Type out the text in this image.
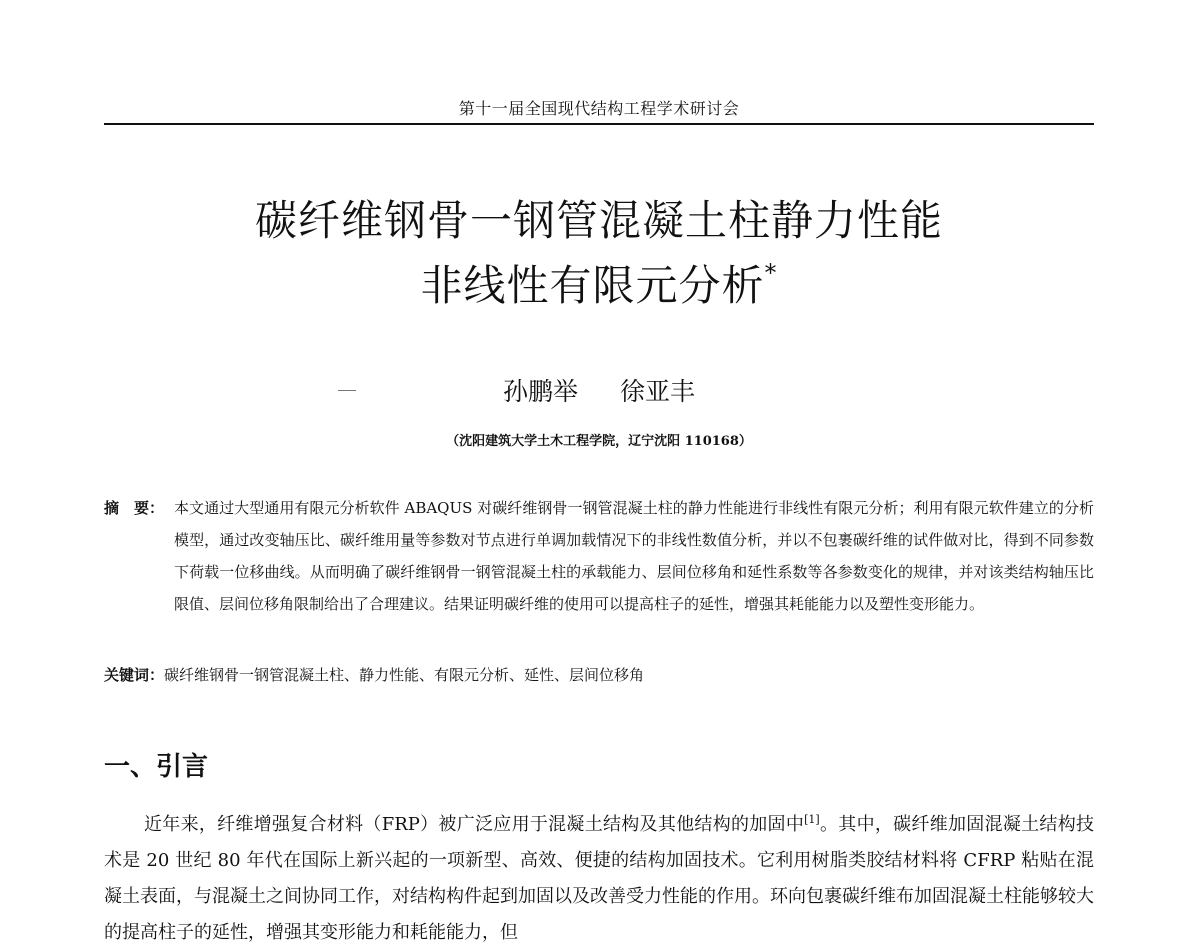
第十一届全国现代结构工程学术研讨会
碳纤维钢骨一钢管混凝土柱静力性能
非线性有限元分析*
孙鹏举 徐亚丰
（沈阳建筑大学土木工程学院，辽宁沈阳 110168）
摘　要： 本文通过大型通用有限元分析软件 ABAQUS 对碳纤维钢骨一钢管混凝土柱的静力性能进行非线性有限元分析；利用有限元软件建立的分析模型，通过改变轴压比、碳纤维用量等参数对节点进行单调加载情况下的非线性数值分析，并以不包裹碳纤维的试件做对比，得到不同参数下荷载一位移曲线。从而明确了碳纤维钢骨一钢管混凝土柱的承载能力、层间位移角和延性系数等各参数变化的规律，并对该类结构轴压比限值、层间位移角限制给出了合理建议。结果证明碳纤维的使用可以提高柱子的延性，增强其耗能能力以及塑性变形能力。
关键词：碳纤维钢骨一钢管混凝土柱、静力性能、有限元分析、延性、层间位移角
一、引言

近年来，纤维增强复合材料（FRP）被广泛应用于混凝土结构及其他结构的加固中[1]。其中，碳纤维加固混凝土结构技术是 20 世纪 80 年代在国际上新兴起的一项新型、高效、便捷的结构加固技术。它利用树脂类胶结材料将 CFRP 粘贴在混凝土表面，与混凝土之间协同工作，对结构构件起到加固以及改善受力性能的作用。环向包裹碳纤维布加固混凝土柱能够较大的提高柱子的延性，增强其变形能力和耗能能力，但
